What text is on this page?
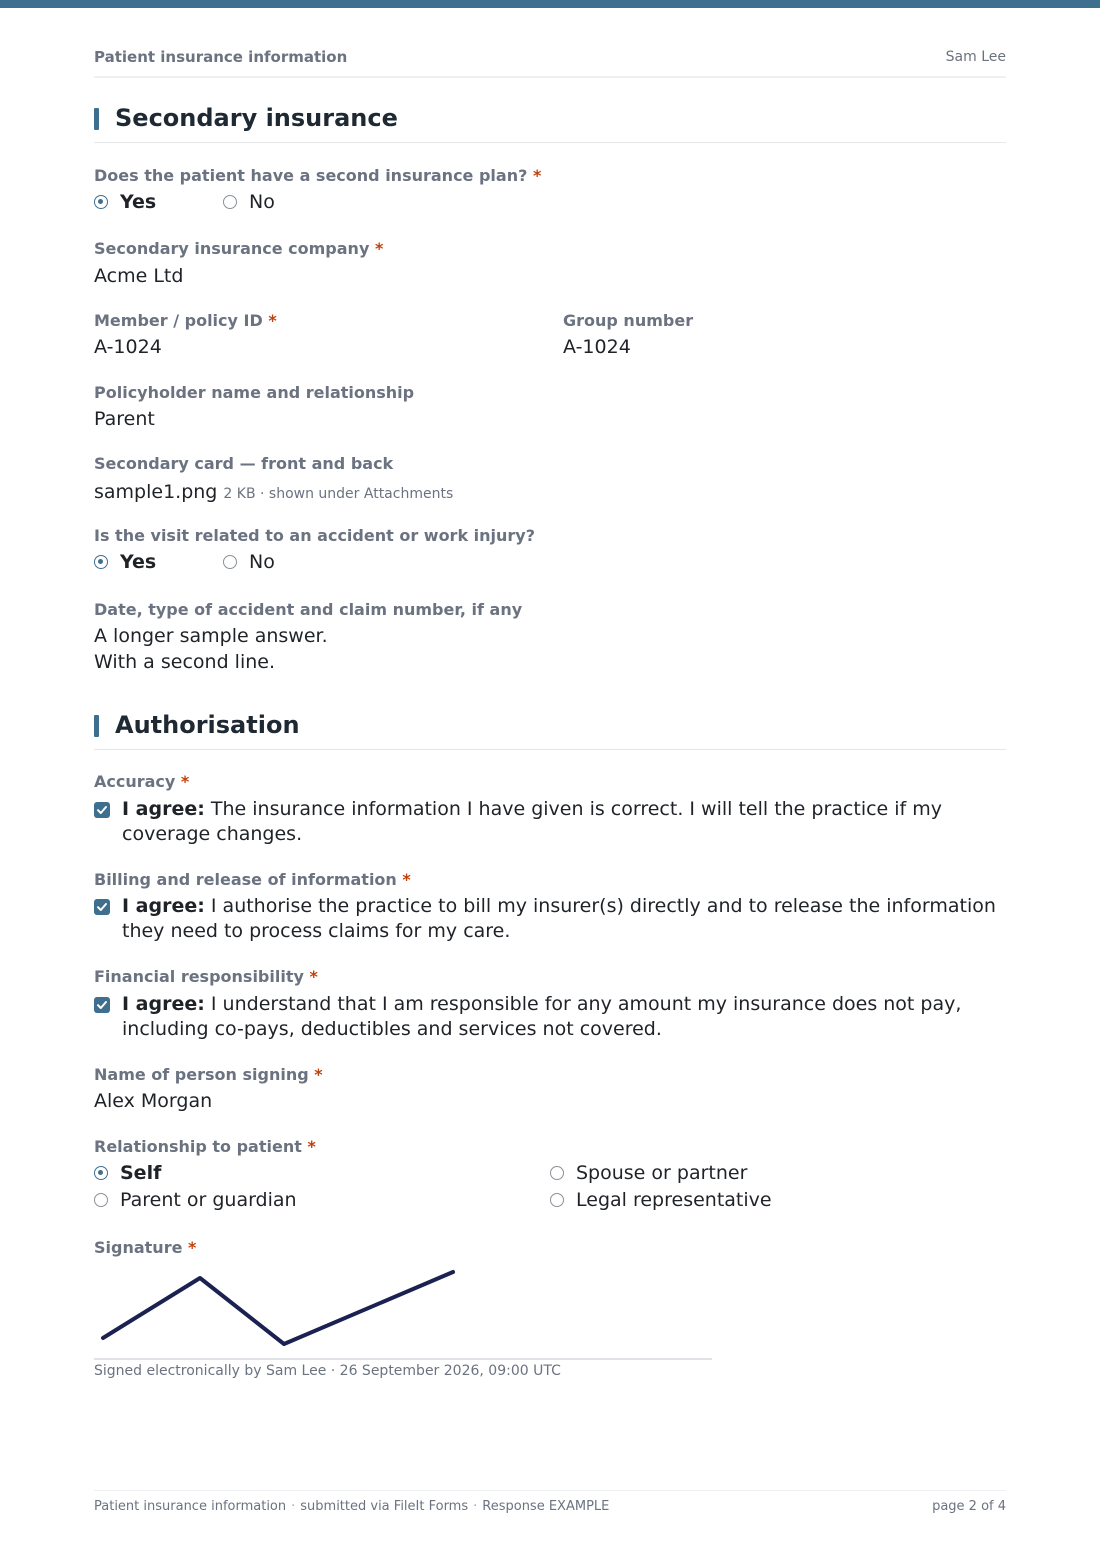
Patient insurance information	Sam Lee
Secondary insurance
Does the patient have a second insurance plan? *
Yes	No
Secondary insurance company *
Acme Ltd
Member / policy ID *
A-1024
Group number
A-1024
Policyholder name and relationship
Parent
Secondary card — front and back
sample1.png 2 KB · shown under Attachments
Is the visit related to an accident or work injury?
Yes	No
Date, type of accident and claim number, if any
A longer sample answer.
With a second line.
Authorisation
Accuracy *
I agree: The insurance information I have given is correct. I will tell the practice if my coverage changes.
Billing and release of information *
I agree: I authorise the practice to bill my insurer(s) directly and to release the information they need to process claims for my care.
Financial responsibility *
I agree: I understand that I am responsible for any amount my insurance does not pay, including co-pays, deductibles and services not covered.
Name of person signing *
Alex Morgan
Relationship to patient *
Self	Spouse or partner
Parent or guardian	Legal representative
Signature *
Signed electronically by Sam Lee · 26 September 2026, 09:00 UTC
Patient insurance information · submitted via FileIt Forms · Response EXAMPLE	page 2 of 4
